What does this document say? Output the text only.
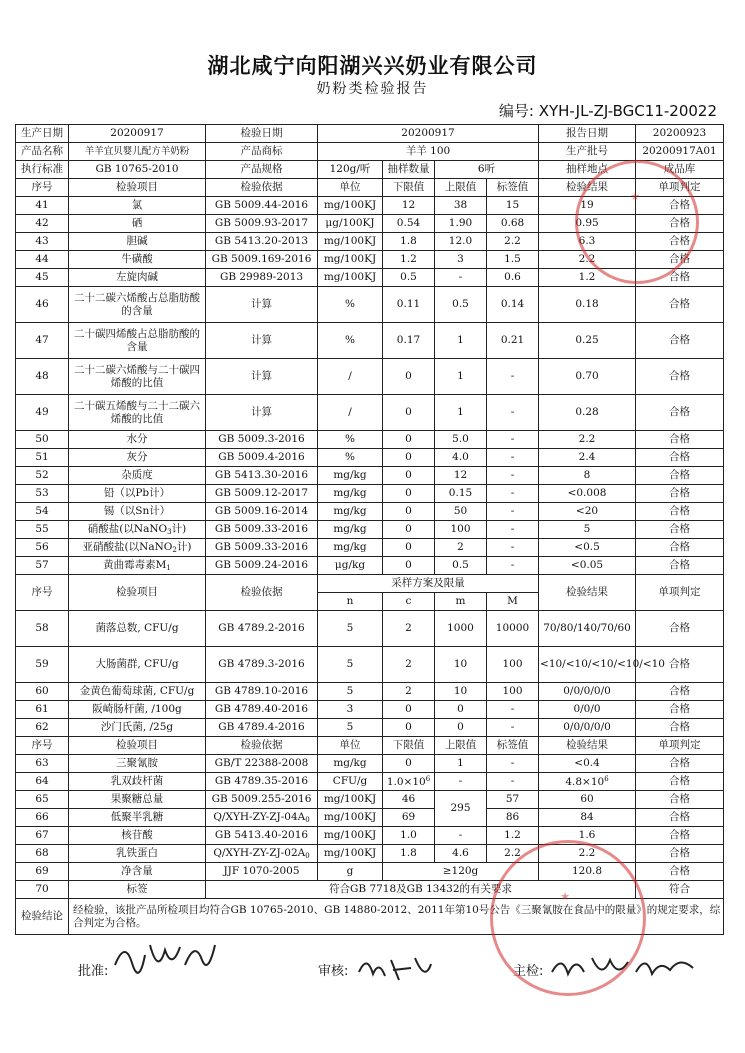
湖北咸宁向阳湖兴兴奶业有限公司
奶粉类检验报告
编号: XYH-JL-ZJ-BGC11-20022
生产日期	20200917	检验日期	20200917				报告日期	20200923
产品名称	羊羊宜贝婴儿配方羊奶粉	产品商标	羊羊 100				生产批号	20200917A01
执行标准	GB 10765-2010	产品规格	120g/听	抽样数量	6听		抽样地点	成品库
序号	检验项目	检验依据	单位	下限值	上限值	标签值	检验结果	单项判定
41	氯	GB 5009.44-2016	mg/100KJ	12	38	15	19	合格
42	硒	GB 5009.93-2017	μg/100KJ	0.54	1.90	0.68	0.95	合格
43	胆碱	GB 5413.20-2013	mg/100KJ	1.8	12.0	2.2	6.3	合格
44	牛磺酸	GB 5009.169-2016	mg/100KJ	1.2	3	1.5	2.2	合格
45	左旋肉碱	GB 29989-2013	mg/100KJ	0.5	-	0.6	1.2	合格
46	二十二碳六烯酸占总脂肪酸的含量	计算	%	0.11	0.5	0.14	0.18	合格
47	二十碳四烯酸占总脂肪酸的含量	计算	%	0.17	1	0.21	0.25	合格
48	二十二碳六烯酸与二十碳四烯酸的比值	计算	/	0	1	-	0.70	合格
49	二十碳五烯酸与二十二碳六烯酸的比值	计算	/	0	1	-	0.28	合格
50	水分	GB 5009.3-2016	%	0	5.0	-	2.2	合格
51	灰分	GB 5009.4-2016	%	0	4.0	-	2.4	合格
52	杂质度	GB 5413.30-2016	mg/kg	0	12	-	8	合格
53	铅（以Pb计）	GB 5009.12-2017	mg/kg	0	0.15	-	<0.008	合格
54	锡（以Sn计）	GB 5009.16-2014	mg/kg	0	50	-	<20	合格
55	硝酸盐(以NaNO$_3$计)	GB 5009.33-2016	mg/kg	0	100	-	5	合格
56	亚硝酸盐(以NaNO$_2$计)	GB 5009.33-2016	mg/kg	0	2	-	<0.5	合格
57	黄曲霉毒素$M_1$	GB 5009.24-2016	μg/kg	0	0.5	-	<0.05	合格
序号	检验项目	检验依据	采样方案及限量				检验结果	单项判定
			n	c	m	M		
58	菌落总数, CFU/g	GB 4789.2-2016	5	2	1000	10000	70/80/140/70/60	合格
59	大肠菌群, CFU/g	GB 4789.3-2016	5	2	10	100	<10/<10/<10/<10/<10	合格
60	金黄色葡萄球菌, CFU/g	GB 4789.10-2016	5	2	10	100	0/0/0/0/0	合格
61	阪崎肠杆菌, /100g	GB 4789.40-2016	3	0	0	-	0/0/0	合格
62	沙门氏菌, /25g	GB 4789.4-2016	5	0	0	-	0/0/0/0/0	合格
序号	检验项目	检验依据	单位	下限值	上限值	标签值	检验结果	单项判定
63	三聚氰胺	GB/T 22388-2008	mg/kg	0	1	-	<0.4	合格
64	乳双歧杆菌	GB 4789.35-2016	CFU/g	$1.0\times 10^6$	-	-	$4.8\times 10^6$	合格
65	果聚糖总量	GB 5009.255-2016	mg/100KJ	46	295	57	60	合格
66	低聚半乳糖	$Q/XYH-ZY-ZJ-04A_0$	mg/100KJ	69		86	84	合格
67	核苷酸	GB 5413.40-2016	mg/100KJ	1.0	-	1.2	1.6	合格
68	乳铁蛋白	$Q/XYH-ZY-ZJ-02A_0$	mg/100KJ	1.8	4.6	2.2	2.2	合格
69	净含量	JJF 1070-2005	g	≥120g			120.8	合格
70	标签	符合GB 7718及GB 13432的有关要求						符合
检验结论	经检验，该批产品所检项目均符合GB 10765-2010、GB 14880-2012、2011年第10号公告《三聚氰胺在食品中的限量》的规定要求，综合判定为合格。							
批准:	审核:	主检:
★
★
